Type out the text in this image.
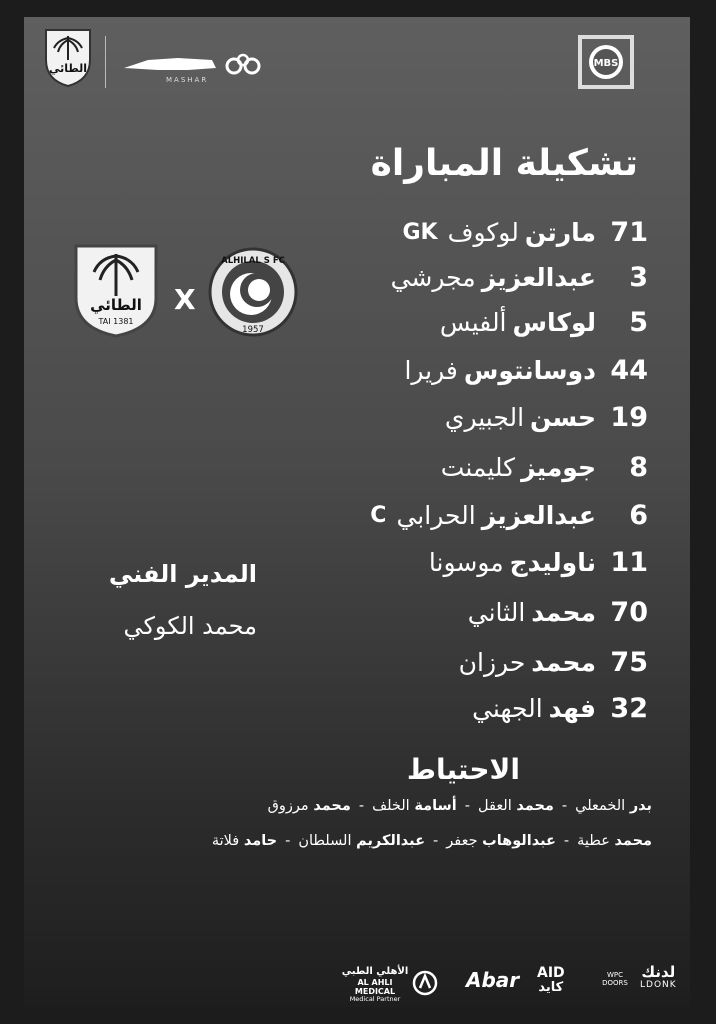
الطائي
MASHAR
MBS
تشكيلة المباراة
71
مارتن
لوكوف
GK
3
عبدالعزيز
مجرشي
5
لوكاس
ألفيس
44
دوسانتوس
فريرا
19
حسن
الجبيري
8
جوميز
كليمنت
6
عبدالعزيز
الحرابي
C
11
ناوليدج
موسونا
70
محمد
الثاني
75
محمد
حرزان
32
فهد
الجهني
الطائي
TAI 1381
X
ALHILAL S FC
1957
المدير الفني
محمد الكوكي
الاحتياط
بدر الخمعلي-محمد العقل-أسامة الخلف-محمد مرزوق
محمد عطية-عبدالوهاب جعفر-عبدالكريم السلطان-حامد فلاتة
الأهلي الطبي
AL AHLI MEDICAL
Medical Partner
Abar AID
كايد
WPC DOORS
لدنك
LDONK
